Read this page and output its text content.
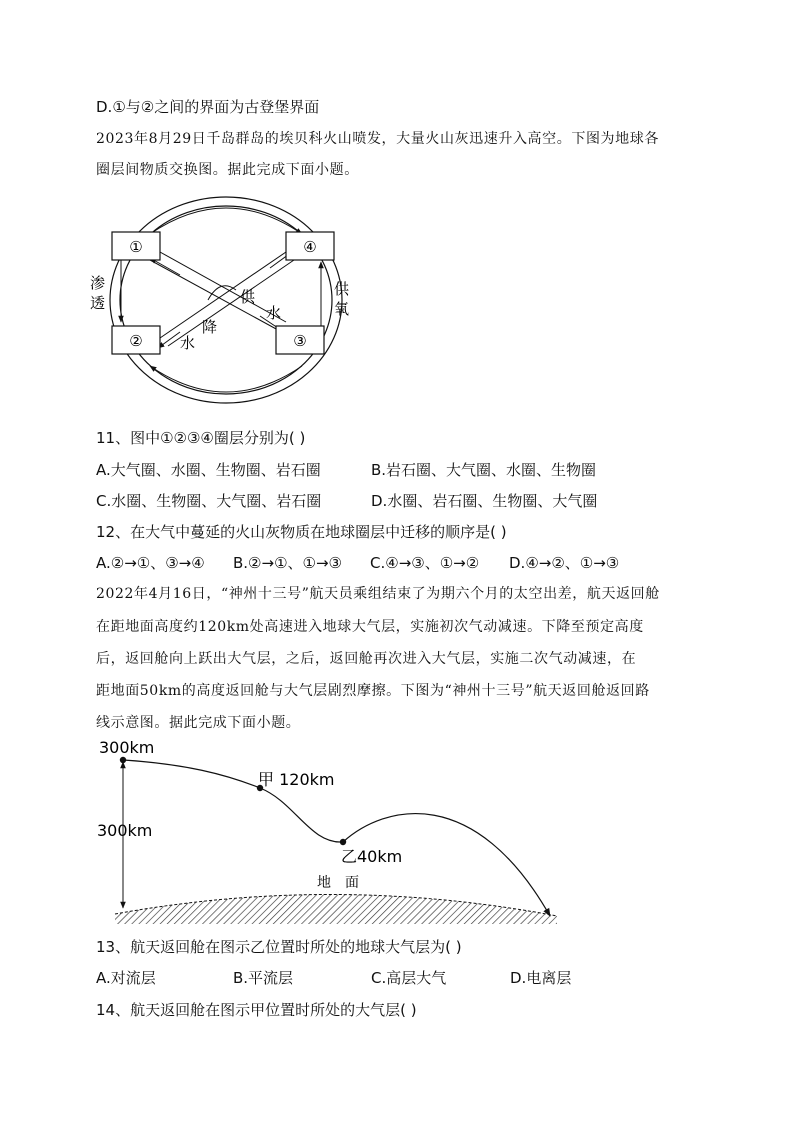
D.①与②之间的界面为古登堡界面
2023年8月29日千岛群岛的埃贝科火山喷发，大量火山灰迅速升入高空。下图为地球各
圈层间物质交换图。据此完成下面小题。
①	④
②	③
渗
透
供
氧
供
水
降
水
11、图中①②③④圈层分别为( )
A.大气圈、水圈、生物圈、岩石圈	B.岩石圈、大气圈、水圈、生物圈
C.水圈、生物圈、大气圈、岩石圈	D.水圈、岩石圈、生物圈、大气圈
12、在大气中蔓延的火山灰物质在地球圈层中迁移的顺序是( )
A.②→①、③→④ B.②→①、①→③ C.④→③、①→② D.④→②、①→③
2022年4月16日，“神州十三号”航天员乘组结束了为期六个月的太空出差，航天返回舱
在距地面高度约120km处高速进入地球大气层，实施初次气动减速。下降至预定高度
后，返回舱向上跃出大气层，之后，返回舱再次进入大气层，实施二次气动减速，在
距地面50km的高度返回舱与大气层剧烈摩擦。下图为“神州十三号”航天返回舱返回路
线示意图。据此完成下面小题。
300km
300km
甲 120km
乙40km
地　面
13、航天返回舱在图示乙位置时所处的地球大气层为( )
A.对流层	B.平流层	C.高层大气	D.电离层
14、航天返回舱在图示甲位置时所处的大气层( )
